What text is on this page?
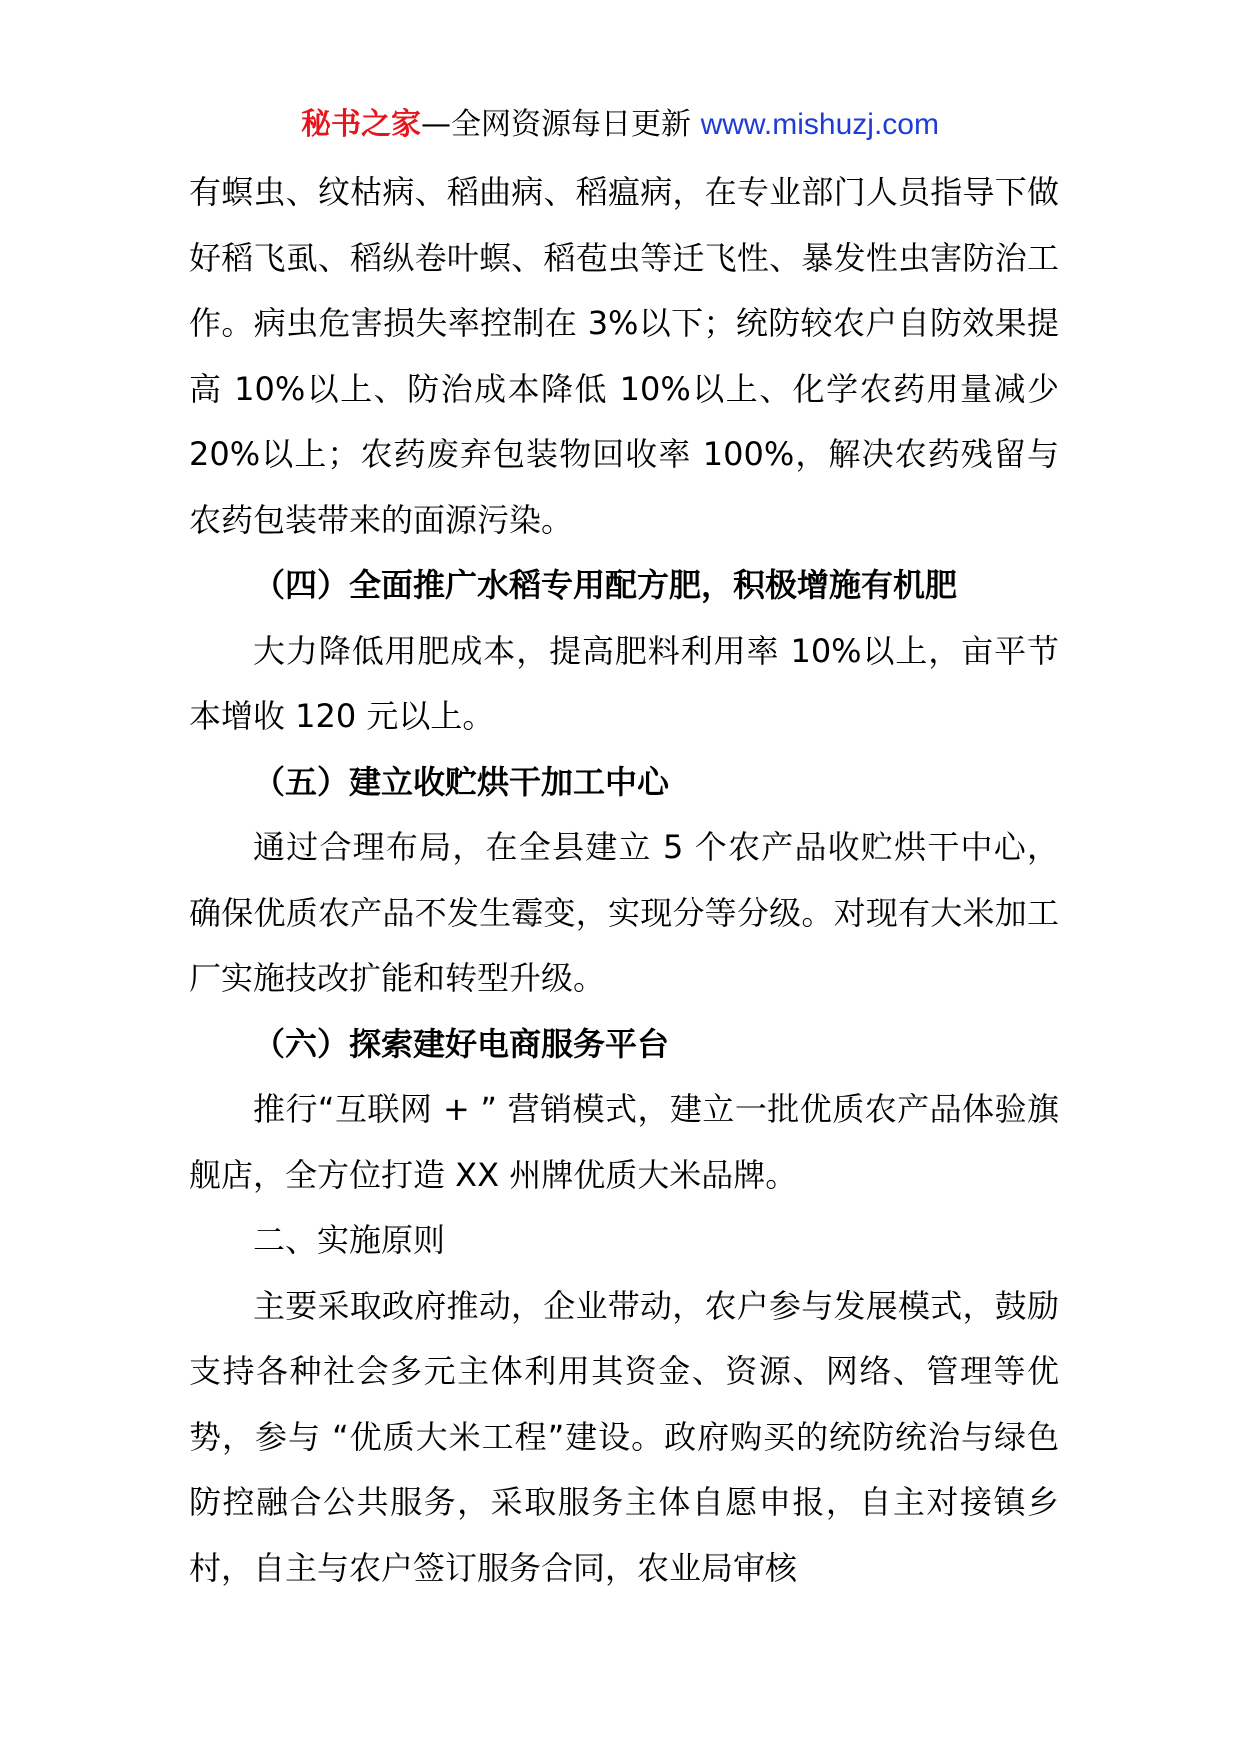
秘书之家—全网资源每日更新 www.mishuzj.com

有螟虫、纹枯病、稻曲病、稻瘟病，在专业部门人员指导下做好稻飞虱、稻纵卷叶螟、稻苞虫等迁飞性、暴发性虫害防治工作。病虫危害损失率控制在 3%以下；统防较农户自防效果提高 10%以上、防治成本降低 10%以上、化学农药用量减少 20%以上；农药废弃包装物回收率 100%，解决农药残留与农药包装带来的面源污染。

（四）全面推广水稻专用配方肥，积极增施有机肥

大力降低用肥成本，提高肥料利用率 10%以上，亩平节本增收 120 元以上。

（五）建立收贮烘干加工中心

通过合理布局，在全县建立 5 个农产品收贮烘干中心，确保优质农产品不发生霉变，实现分等分级。对现有大米加工厂实施技改扩能和转型升级。

（六）探索建好电商服务平台

推行“互联网 + ” 营销模式，建立一批优质农产品体验旗舰店，全方位打造 XX 州牌优质大米品牌。

二、实施原则

主要采取政府推动，企业带动，农户参与发展模式，鼓励支持各种社会多元主体利用其资金、资源、网络、管理等优势，参与 “优质大米工程”建设。政府购买的统防统治与绿色防控融合公共服务，采取服务主体自愿申报，自主对接镇乡村，自主与农户签订服务合同，农业局审核
